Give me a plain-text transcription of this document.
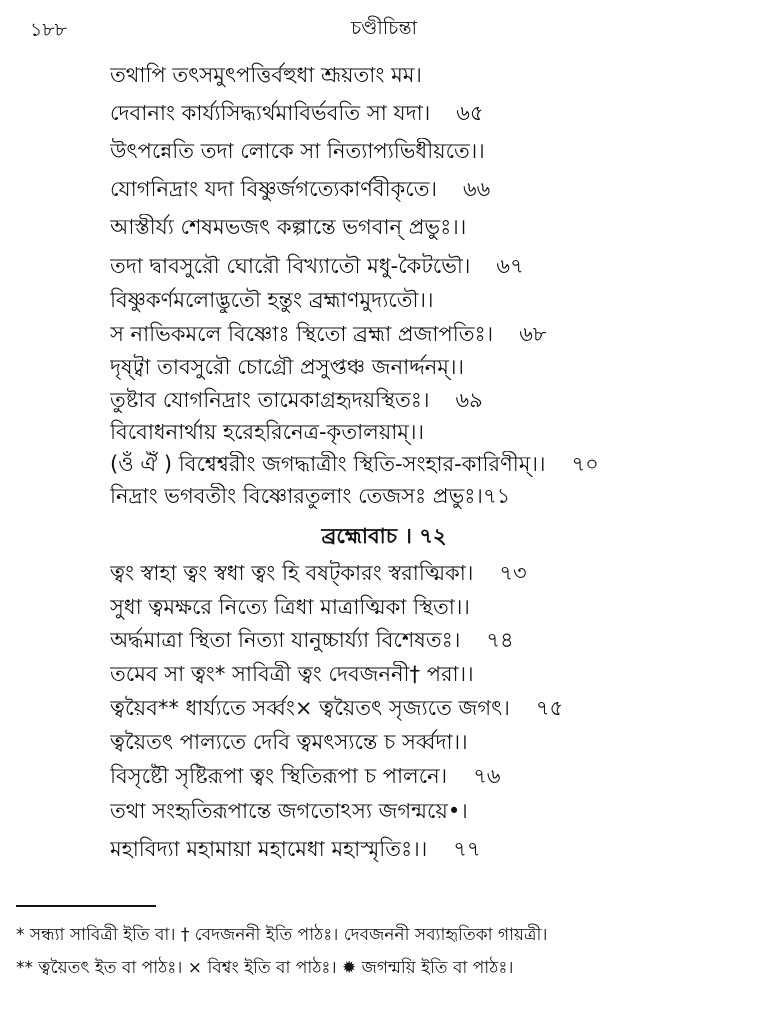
১৮৮	চণ্ডীচিন্তা
তথাপি তৎসমুৎপত্তির্বহুধা শ্রূয়তাং মম।
দেবানাং কার্য্যসিদ্ধ্যর্থমাবির্ভবতি সা যদা। ৬৫
উৎপন্নেতি তদা লোকে সা নিত্যাপ্যভিধীয়তে।।
যোগনিদ্রাং যদা বিষ্ণুর্জগত্যেকার্ণবীকৃতে। ৬৬
আস্তীর্য্য শেষমভজৎ কল্পান্তে ভগবান্ প্রভুঃ।।
তদা দ্বাবসুরৌ ঘোরৌ বিখ্যাতৌ মধু-কৈটভৌ। ৬৭
বিষ্ণুকর্ণমলোদ্ভুতৌ হন্তুং ব্রহ্মাণমুদ্যতৌ।।
স নাভিকমলে বিষ্ণোঃ স্থিতো ব্রহ্মা প্রজাপতিঃ। ৬৮
দৃষ্ট্বা তাবসুরৌ চোগ্রৌ প্রসুপ্তঞ্চ জনার্দ্দনম্।।
তুষ্টাব যোগনিদ্রাং তামেকাগ্রহৃদয়স্থিতঃ। ৬৯
বিবোধনার্থায় হরেহরিনেত্র-কৃতালয়াম্।।
(ওঁ ঐঁ ) বিশ্বেশ্বরীং জগদ্ধাত্রীং স্থিতি-সংহার-কারিণীম্।। ৭০
নিদ্রাং ভগবতীং বিষ্ণোরতুলাং তেজসঃ প্রভুঃ।৭১
ব্রহ্মোবাচ । ৭২
ত্বং স্বাহা ত্বং স্বধা ত্বং হি বষট্কারং স্বরাত্মিকা। ৭৩
সুধা ত্বমক্ষরে নিত্যে ত্রিধা মাত্রাত্মিকা স্থিতা।।
অর্দ্ধমাত্রা স্থিতা নিত্যা যানুচ্চার্য্যা বিশেষতঃ। ৭৪
তমেব সা ত্বং* সাবিত্রী ত্বং দেবজননী† পরা।।
ত্বয়ৈব** ধার্য্যতে সর্ব্বং× ত্বয়ৈতৎ সৃজ্যতে জগৎ। ৭৫
ত্বয়ৈতৎ পাল্যতে দেবি ত্বমৎস্যন্তে চ সর্ব্বদা।।
বিসৃষ্টৌ সৃষ্টিরূপা ত্বং স্থিতিরূপা চ পালনে। ৭৬
তথা সংহৃতিরূপান্তে জগতোঽস্য জগন্ময়ে•।
মহাবিদ্যা মহামায়া মহামেধা মহাস্মৃতিঃ।। ৭৭
* সন্ধ্যা সাবিত্রী ইতি বা। † বেদজননী ইতি পাঠঃ। দেবজননী সব্যাহৃতিকা গায়ত্রী।
** ত্বয়ৈতৎ ইত বা পাঠঃ। × বিশ্বং ইতি বা পাঠঃ। ✹ জগন্ময়ি ইতি বা পাঠঃ।
